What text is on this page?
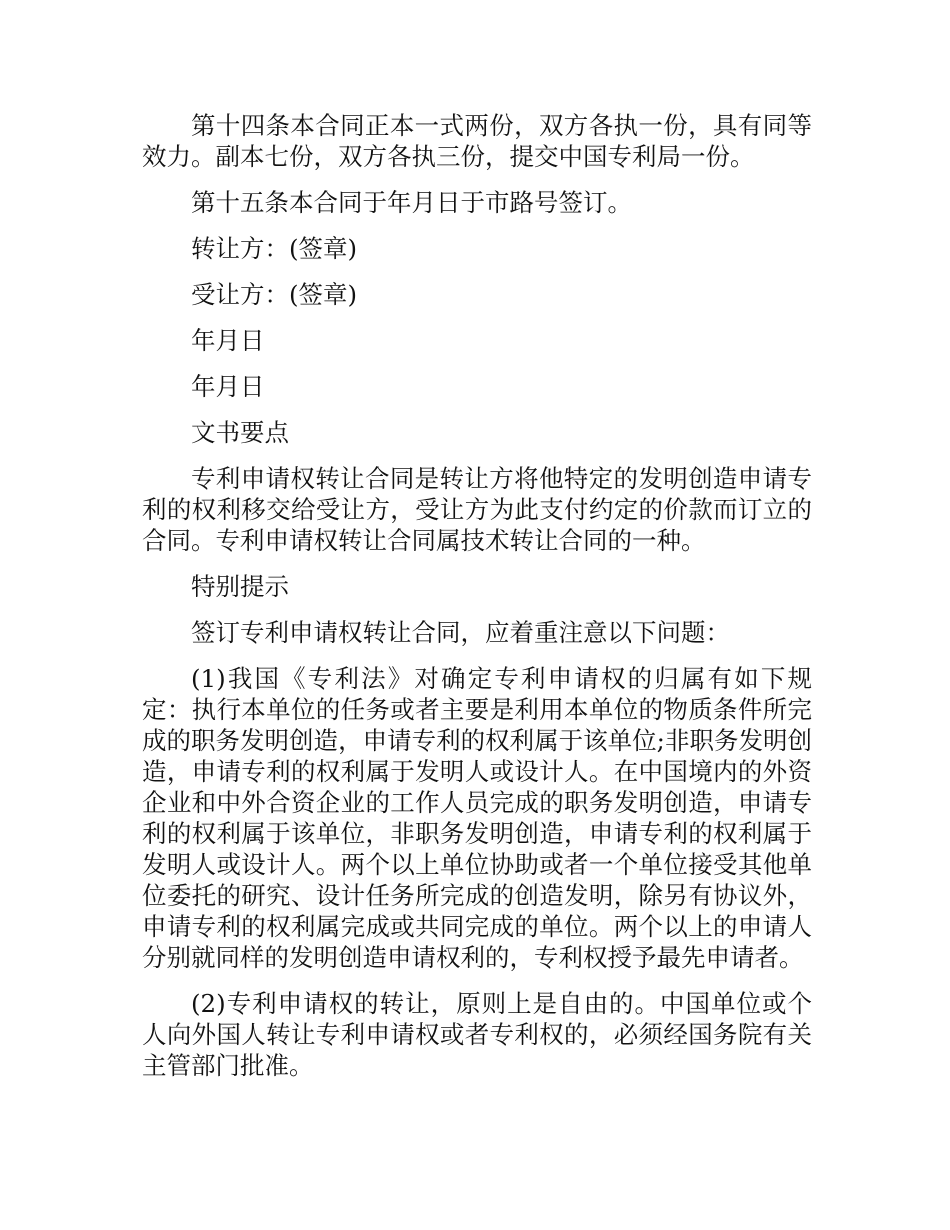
第十四条本合同正本一式两份，双方各执一份，具有同等效力。副本七份，双方各执三份，提交中国专利局一份。

第十五条本合同于年月日于市路号签订。

转让方：(签章)

受让方：(签章)

年月日

年月日

文书要点

专利申请权转让合同是转让方将他特定的发明创造申请专利的权利移交给受让方，受让方为此支付约定的价款而订立的合同。专利申请权转让合同属技术转让合同的一种。

特别提示

签订专利申请权转让合同，应着重注意以下问题：

(1)我国《专利法》对确定专利申请权的归属有如下规定：执行本单位的任务或者主要是利用本单位的物质条件所完成的职务发明创造，申请专利的权利属于该单位;非职务发明创造，申请专利的权利属于发明人或设计人。在中国境内的外资企业和中外合资企业的工作人员完成的职务发明创造，申请专利的权利属于该单位，非职务发明创造，申请专利的权利属于发明人或设计人。两个以上单位协助或者一个单位接受其他单位委托的研究、设计任务所完成的创造发明，除另有协议外，申请专利的权利属完成或共同完成的单位。两个以上的申请人分别就同样的发明创造申请权利的，专利权授予最先申请者。

(2)专利申请权的转让，原则上是自由的。中国单位或个人向外国人转让专利申请权或者专利权的，必须经国务院有关主管部门批准。
